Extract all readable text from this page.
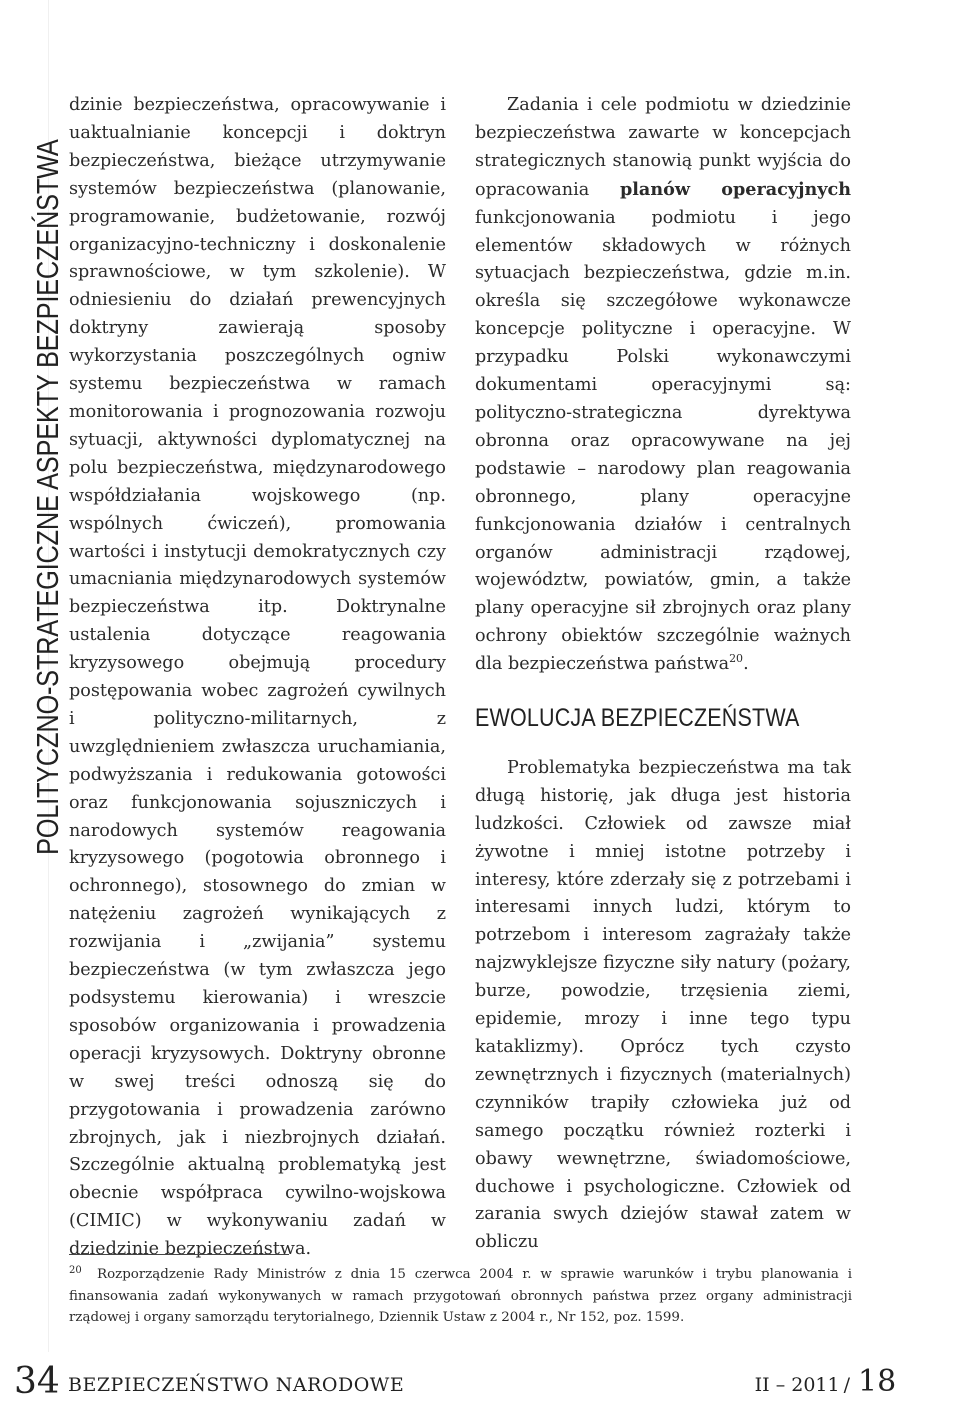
POLITYCZNO-STRATEGICZNE ASPEKTY BEZPIECZEŃSTWA

dzinie bezpieczeństwa, opracowywanie i uaktualnianie koncepcji i doktryn bezpieczeństwa, bieżące utrzymywanie systemów bezpieczeństwa (planowanie, programowanie, budżetowanie, rozwój organizacyjno-techniczny i doskonalenie sprawnościowe, w tym szkolenie). W odniesieniu do działań prewencyjnych doktryny zawierają sposoby wykorzystania poszczególnych ogniw systemu bezpieczeństwa w ramach monitorowania i prognozowania rozwoju sytuacji, aktywności dyplomatycznej na polu bezpieczeństwa, międzynarodowego współdziałania wojskowego (np. wspólnych ćwiczeń), promowania wartości i instytucji demokratycznych czy umacniania międzynarodowych systemów bezpieczeństwa itp. Doktrynalne ustalenia dotyczące reagowania kryzysowego obejmują procedury postępowania wobec zagrożeń cywilnych i polityczno-militarnych, z uwzględnieniem zwłaszcza uruchamiania, podwyższania i redukowania gotowości oraz funkcjonowania sojuszniczych i narodowych systemów reagowania kryzysowego (pogotowia obronnego i ochronnego), stosownego do zmian w natężeniu zagrożeń wynikających z rozwijania i „zwijania” systemu bezpieczeństwa (w tym zwłaszcza jego podsystemu kierowania) i wreszcie sposobów organizowania i prowadzenia operacji kryzysowych. Doktryny obronne w swej treści odnoszą się do przygotowania i prowadzenia zarówno zbrojnych, jak i niezbrojnych działań. Szczególnie aktualną problematyką jest obecnie współpraca cywilno-wojskowa (CIMIC) w wykonywaniu zadań w dziedzinie bezpieczeństwa.

Zadania i cele podmiotu w dziedzinie bezpieczeństwa zawarte w koncepcjach strategicznych stanowią punkt wyjścia do opracowania planów operacyjnych funkcjonowania podmiotu i jego elementów składowych w różnych sytuacjach bezpieczeństwa, gdzie m.in. określa się szczegółowe wykonawcze koncepcje polityczne i operacyjne. W przypadku Polski wykonawczymi dokumentami operacyjnymi są: polityczno-strategiczna dyrektywa obronna oraz opracowywane na jej podstawie – narodowy plan reagowania obronnego, plany operacyjne funkcjonowania działów i centralnych organów administracji rządowej, województw, powiatów, gmin, a także plany operacyjne sił zbrojnych oraz plany ochrony obiektów szczególnie ważnych dla bezpieczeństwa państwa$^{20}$.

EWOLUCJA BEZPIECZEŃSTWA

Problematyka bezpieczeństwa ma tak długą historię, jak długa jest historia ludzkości. Człowiek od zawsze miał żywotne i mniej istotne potrzeby i interesy, które zderzały się z potrzebami i interesami innych ludzi, którym to potrzebom i interesom zagrażały także najzwyklejsze fizyczne siły natury (pożary, burze, powodzie, trzęsienia ziemi, epidemie, mrozy i inne tego typu kataklizmy). Oprócz tych czysto zewnętrznych i fizycznych (materialnych) czynników trapiły człowieka już od samego początku również rozterki i obawy wewnętrzne, świadomościowe, duchowe i psychologiczne. Człowiek od zarania swych dziejów stawał zatem w obliczu

20 Rozporządzenie Rady Ministrów z dnia 15 czerwca 2004 r. w sprawie warunków i trybu planowania i finansowania zadań wykonywanych w ramach przygotowań obronnych państwa przez organy administracji rządowej i organy samorządu terytorialnego, Dziennik Ustaw z 2004 r., Nr 152, poz. 1599.
34 BEZPIECZEŃSTWO NARODOWE	II – 2011 / 18
